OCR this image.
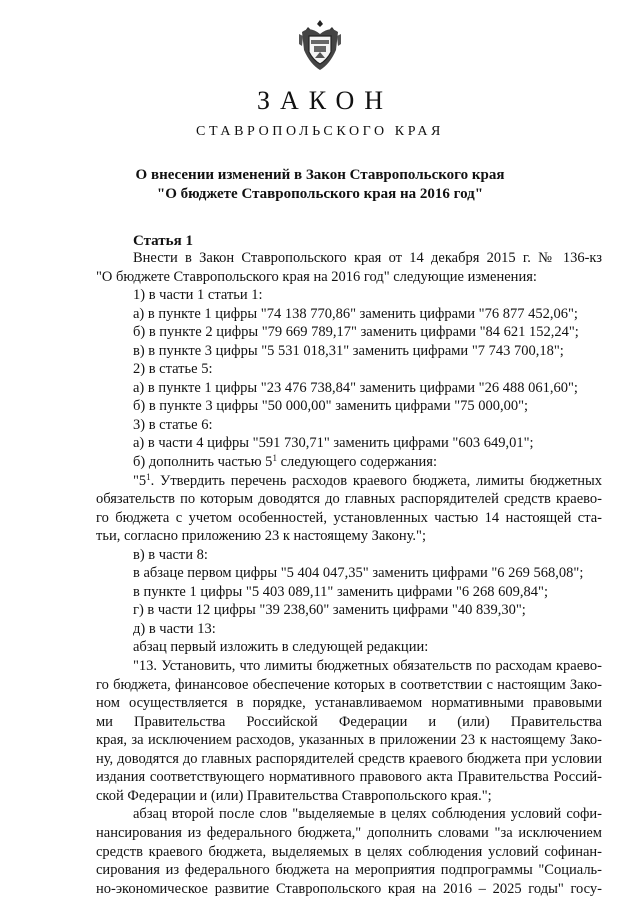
ЗАКОН
СТАВРОПОЛЬСКОГО КРАЯ
О внесении изменений в Закон Ставропольского края
"О бюджете Ставропольского края на 2016 год"
Статья 1
Внести в Закон Ставропольского края от 14 декабря 2015 г. № 136-кз
"О бюджете Ставропольского края на 2016 год" следующие изменения:
1) в части 1 статьи 1:
а) в пункте 1 цифры "74 138 770,86" заменить цифрами "76 877 452,06";
б) в пункте 2 цифры "79 669 789,17" заменить цифрами "84 621 152,24";
в) в пункте 3 цифры "5 531 018,31" заменить цифрами "7 743 700,18";
2) в статье 5:
а) в пункте 1 цифры "23 476 738,84" заменить цифрами "26 488 061,60";
б) в пункте 3 цифры "50 000,00" заменить цифрами "75 000,00";
3) в статье 6:
а) в части 4 цифры "591 730,71" заменить цифрами "603 649,01";
б) дополнить частью $5^1$ следующего содержания:
"$5^1$. Утвердить перечень расходов краевого бюджета, лимиты бюджетных
обязательств по которым доводятся до главных распорядителей средств краево-
го бюджета с учетом особенностей, установленных частью 14 настоящей ста-
тьи, согласно приложению 23 к настоящему Закону.";
в) в части 8:
в абзаце первом цифры "5 404 047,35" заменить цифрами "6 269 568,08";
в пункте 1 цифры "5 403 089,11" заменить цифрами "6 268 609,84";
г) в части 12 цифры "39 238,60" заменить цифрами "40 839,30";
д) в части 13:
абзац первый изложить в следующей редакции:
"13. Установить, что лимиты бюджетных обязательств по расходам краево-
го бюджета, финансовое обеспечение которых в соответствии с настоящим Зако-
ном осуществляется в порядке, устанавливаемом нормативными правовыми
ми Правительства Российской Федерации и (или) Правительства
края, за исключением расходов, указанных в приложении 23 к настоящему Зако-
ну, доводятся до главных распорядителей средств краевого бюджета при условии
издания соответствующего нормативного правового акта Правительства Россий-
ской Федерации и (или) Правительства Ставропольского края.";
абзац второй после слов "выделяемые в целях соблюдения условий софи-
нансирования из федерального бюджета," дополнить словами "за исключением
средств краевого бюджета, выделяемых в целях соблюдения условий софинан-
сирования из федерального бюджета на мероприятия подпрограммы "Социаль-
но-экономическое развитие Ставропольского края на 2016 – 2025 годы" госу-
